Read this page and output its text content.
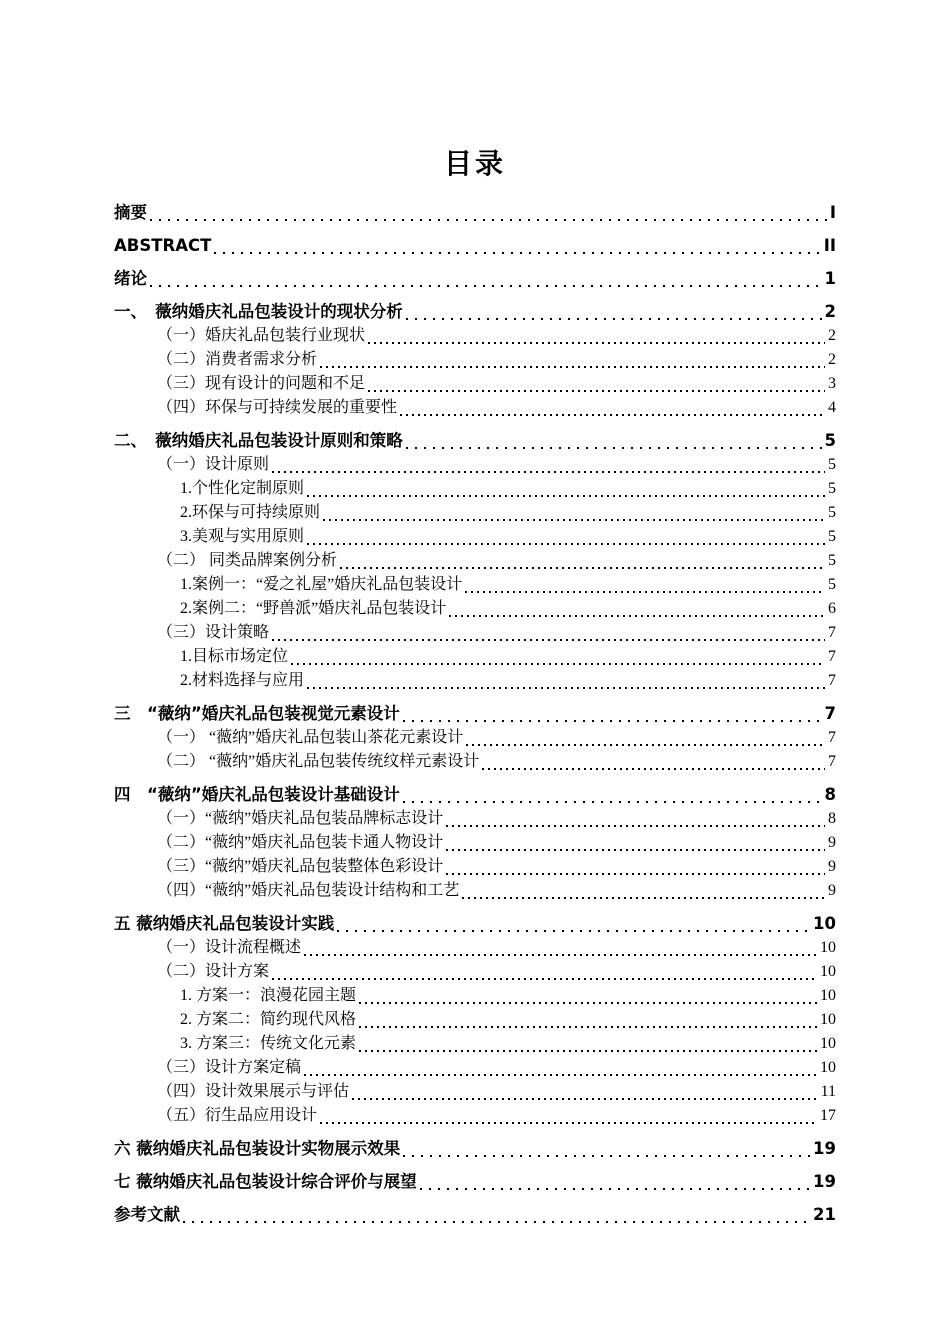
目录
摘要	I
ABSTRACT	II
绪论	1
一、　薇纳婚庆礼品包装设计的现状分析	2
（一）婚庆礼品包装行业现状	2
（二）消费者需求分析	2
（三）现有设计的问题和不足	3
（四）环保与可持续发展的重要性	4
二、　薇纳婚庆礼品包装设计原则和策略	5
（一）设计原则	5
1.个性化定制原则	5
2.环保与可持续原则	5
3.美观与实用原则	5
（二） 同类品牌案例分析	5
1.案例一：“爱之礼屋”婚庆礼品包装设计	5
2.案例二：“野兽派”婚庆礼品包装设计	6
（三）设计策略	7
1.目标市场定位	7
2.材料选择与应用	7
三　“薇纳”婚庆礼品包装视觉元素设计	7
（一） “薇纳”婚庆礼品包装山茶花元素设计	7
（二） “薇纳”婚庆礼品包装传统纹样元素设计	7
四　“薇纳”婚庆礼品包装设计基础设计	8
（一）“薇纳”婚庆礼品包装品牌标志设计	8
（二）“薇纳”婚庆礼品包装卡通人物设计	9
（三）“薇纳”婚庆礼品包装整体色彩设计	9
（四）“薇纳”婚庆礼品包装设计结构和工艺	9
五 薇纳婚庆礼品包装设计实践	10
（一）设计流程概述	10
（二）设计方案	10
1. 方案一：浪漫花园主题	10
2. 方案二：简约现代风格	10
3. 方案三：传统文化元素	10
（三）设计方案定稿	10
（四）设计效果展示与评估	11
（五）衍生品应用设计	17
六 薇纳婚庆礼品包装设计实物展示效果	19
七 薇纳婚庆礼品包装设计综合评价与展望	19
参考文献	21
